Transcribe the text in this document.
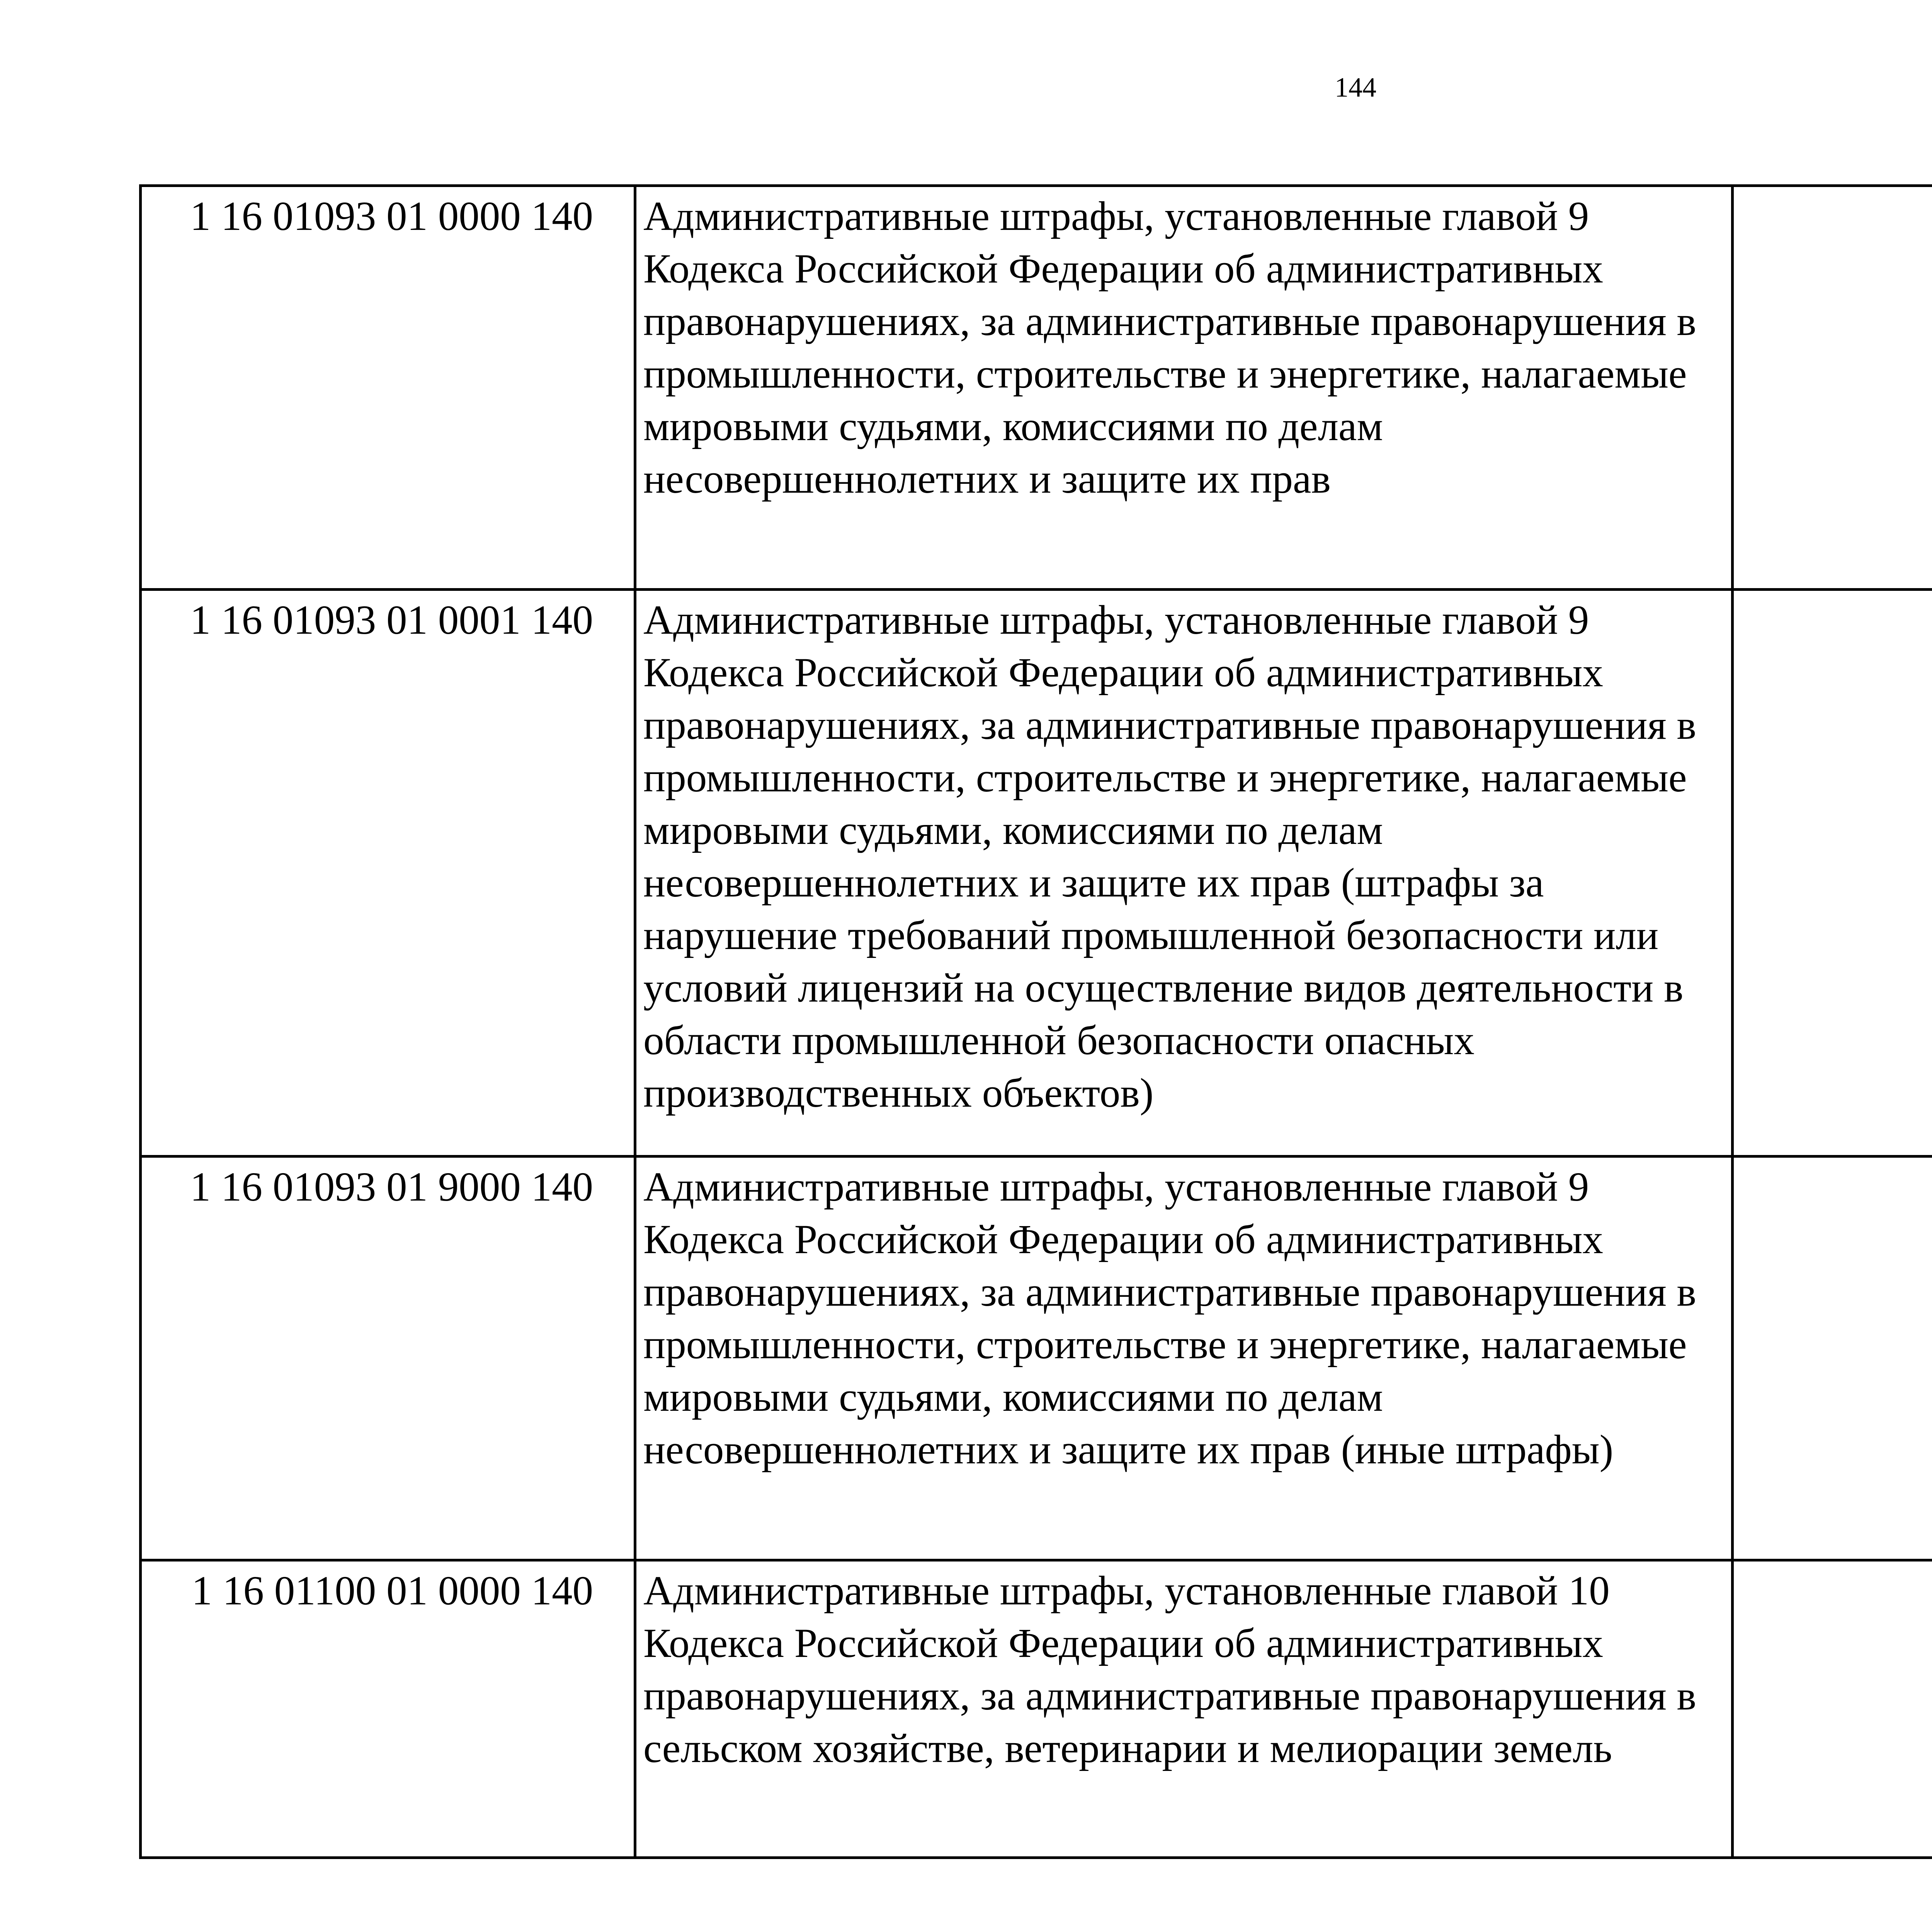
144
1 16 01093 01 0000 140	Административные штрафы, установленные главой 9 Кодекса Российской Федерации об административных правонарушениях, за административные правонарушения в промышленности, строительстве и энергетике, налагаемые мировыми судьями, комиссиями по делам несовершеннолетних и защите их прав			
1 16 01093 01 0001 140	Административные штрафы, установленные главой 9 Кодекса Российской Федерации об административных правонарушениях, за административные правонарушения в промышленности, строительстве и энергетике, налагаемые мировыми судьями, комиссиями по делам несовершеннолетних и защите их прав (штрафы за нарушение требований промышленной безопасности или условий лицензий на осуществление видов деятельности в области промышленной безопасности опасных производственных объектов)			
1 16 01093 01 9000 140	Административные штрафы, установленные главой 9 Кодекса Российской Федерации об административных правонарушениях, за административные правонарушения в промышленности, строительстве и энергетике, налагаемые мировыми судьями, комиссиями по делам несовершеннолетних и защите их прав (иные штрафы)			
1 16 01100 01 0000 140	Административные штрафы, установленные главой 10 Кодекса Российской Федерации об административных правонарушениях, за административные правонарушения в сельском хозяйстве, ветеринарии и мелиорации земель			
